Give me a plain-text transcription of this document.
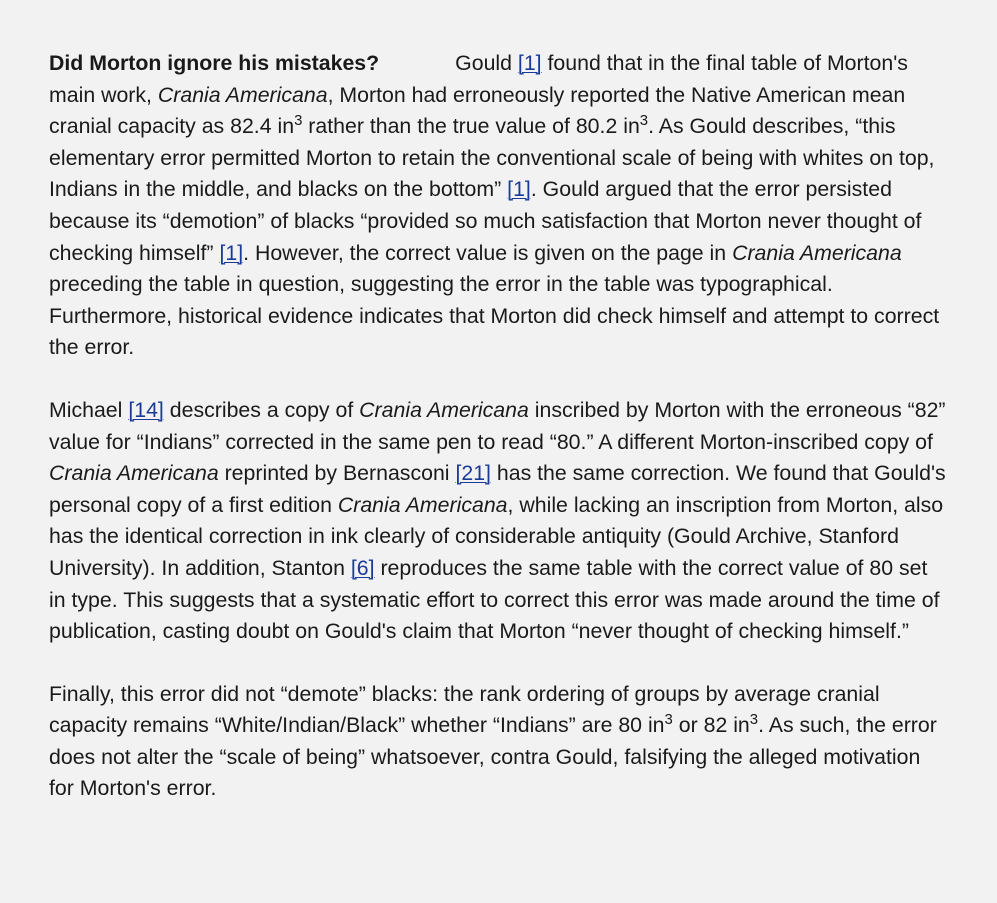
Did Morton ignore his mistakes?	Gould [1] found that in the final table of Morton's main work, Crania Americana, Morton had erroneously reported the Native American mean cranial capacity as 82.4 $in^3$ rather than the true value of 80.2 $in^3$. As Gould describes, “this elementary error permitted Morton to retain the conventional scale of being with whites on top, Indians in the middle, and blacks on the bottom” [1]. Gould argued that the error persisted because its “demotion” of blacks “provided so much satisfaction that Morton never thought of checking himself” [1]. However, the correct value is given on the page in Crania Americana preceding the table in question, suggesting the error in the table was typographical. Furthermore, historical evidence indicates that Morton did check himself and attempt to correct the error.

Michael [14] describes a copy of Crania Americana inscribed by Morton with the erroneous “82” value for “Indians” corrected in the same pen to read “80.” A different Morton-inscribed copy of Crania Americana reprinted by Bernasconi [21] has the same correction. We found that Gould's personal copy of a first edition Crania Americana, while lacking an inscription from Morton, also has the identical correction in ink clearly of considerable antiquity (Gould Archive, Stanford University). In addition, Stanton [6] reproduces the same table with the correct value of 80 set in type. This suggests that a systematic effort to correct this error was made around the time of publication, casting doubt on Gould's claim that Morton “never thought of checking himself.”

Finally, this error did not “demote” blacks: the rank ordering of groups by average cranial capacity remains “White/Indian/Black” whether “Indians” are 80 $in^3$ or 82 $in^3$. As such, the error does not alter the “scale of being” whatsoever, contra Gould, falsifying the alleged motivation for Morton's error.
